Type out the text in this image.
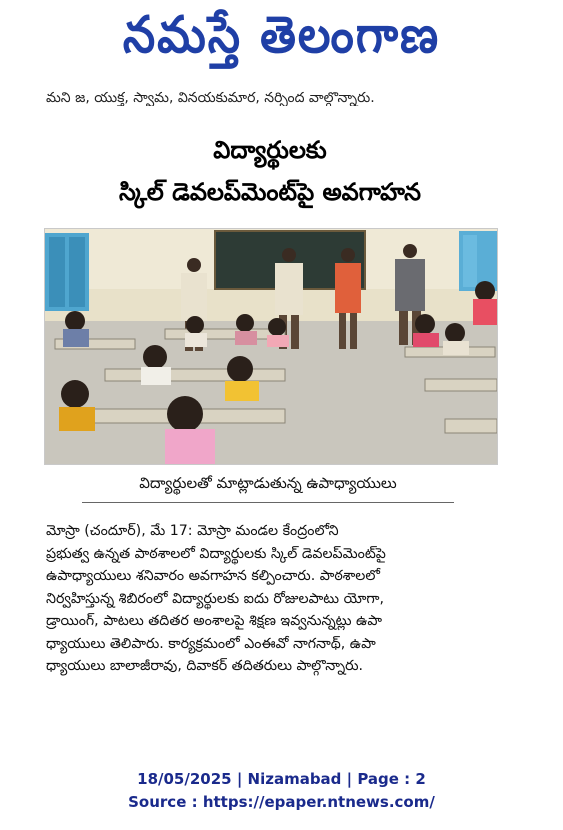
నమస్తే తెలంగాణ
మని జ, యుక్త, స్వామ, వినయకుమార, నర్సింద వాల్గొన్నారు.
విద్యార్థులకు
స్కిల్ డెవలప్‌మెంట్‌పై అవగాహన
విద్యార్థులతో మాట్లాడుతున్న ఉపాధ్యాయులు
మోస్రా (చందూర్), మే 17: మోస్రా మండల కేంద్రంలోని
ప్రభుత్వ ఉన్నత పాఠశాలలో విద్యార్థులకు స్కిల్ డెవలప్‌మెంట్‌పై
ఉపాధ్యాయులు శనివారం అవగాహన కల్పించారు. పాఠశాలలో
నిర్వహిస్తున్న శిబిరంలో విద్యార్థులకు ఐదు రోజులపాటు యోగా,
డ్రాయింగ్, పాటలు తదితర అంశాలపై శిక్షణ ఇవ్వనున్నట్లు ఉపా
ధ్యాయులు తెలిపారు. కార్యక్రమంలో ఎంఈవో నాగనాథ్, ఉపా
ధ్యాయులు బాలాజీరావు, దివాకర్ తదితరులు పాల్గొన్నారు.
18/05/2025 | Nizamabad | Page : 2
Source : https://epaper.ntnews.com/
